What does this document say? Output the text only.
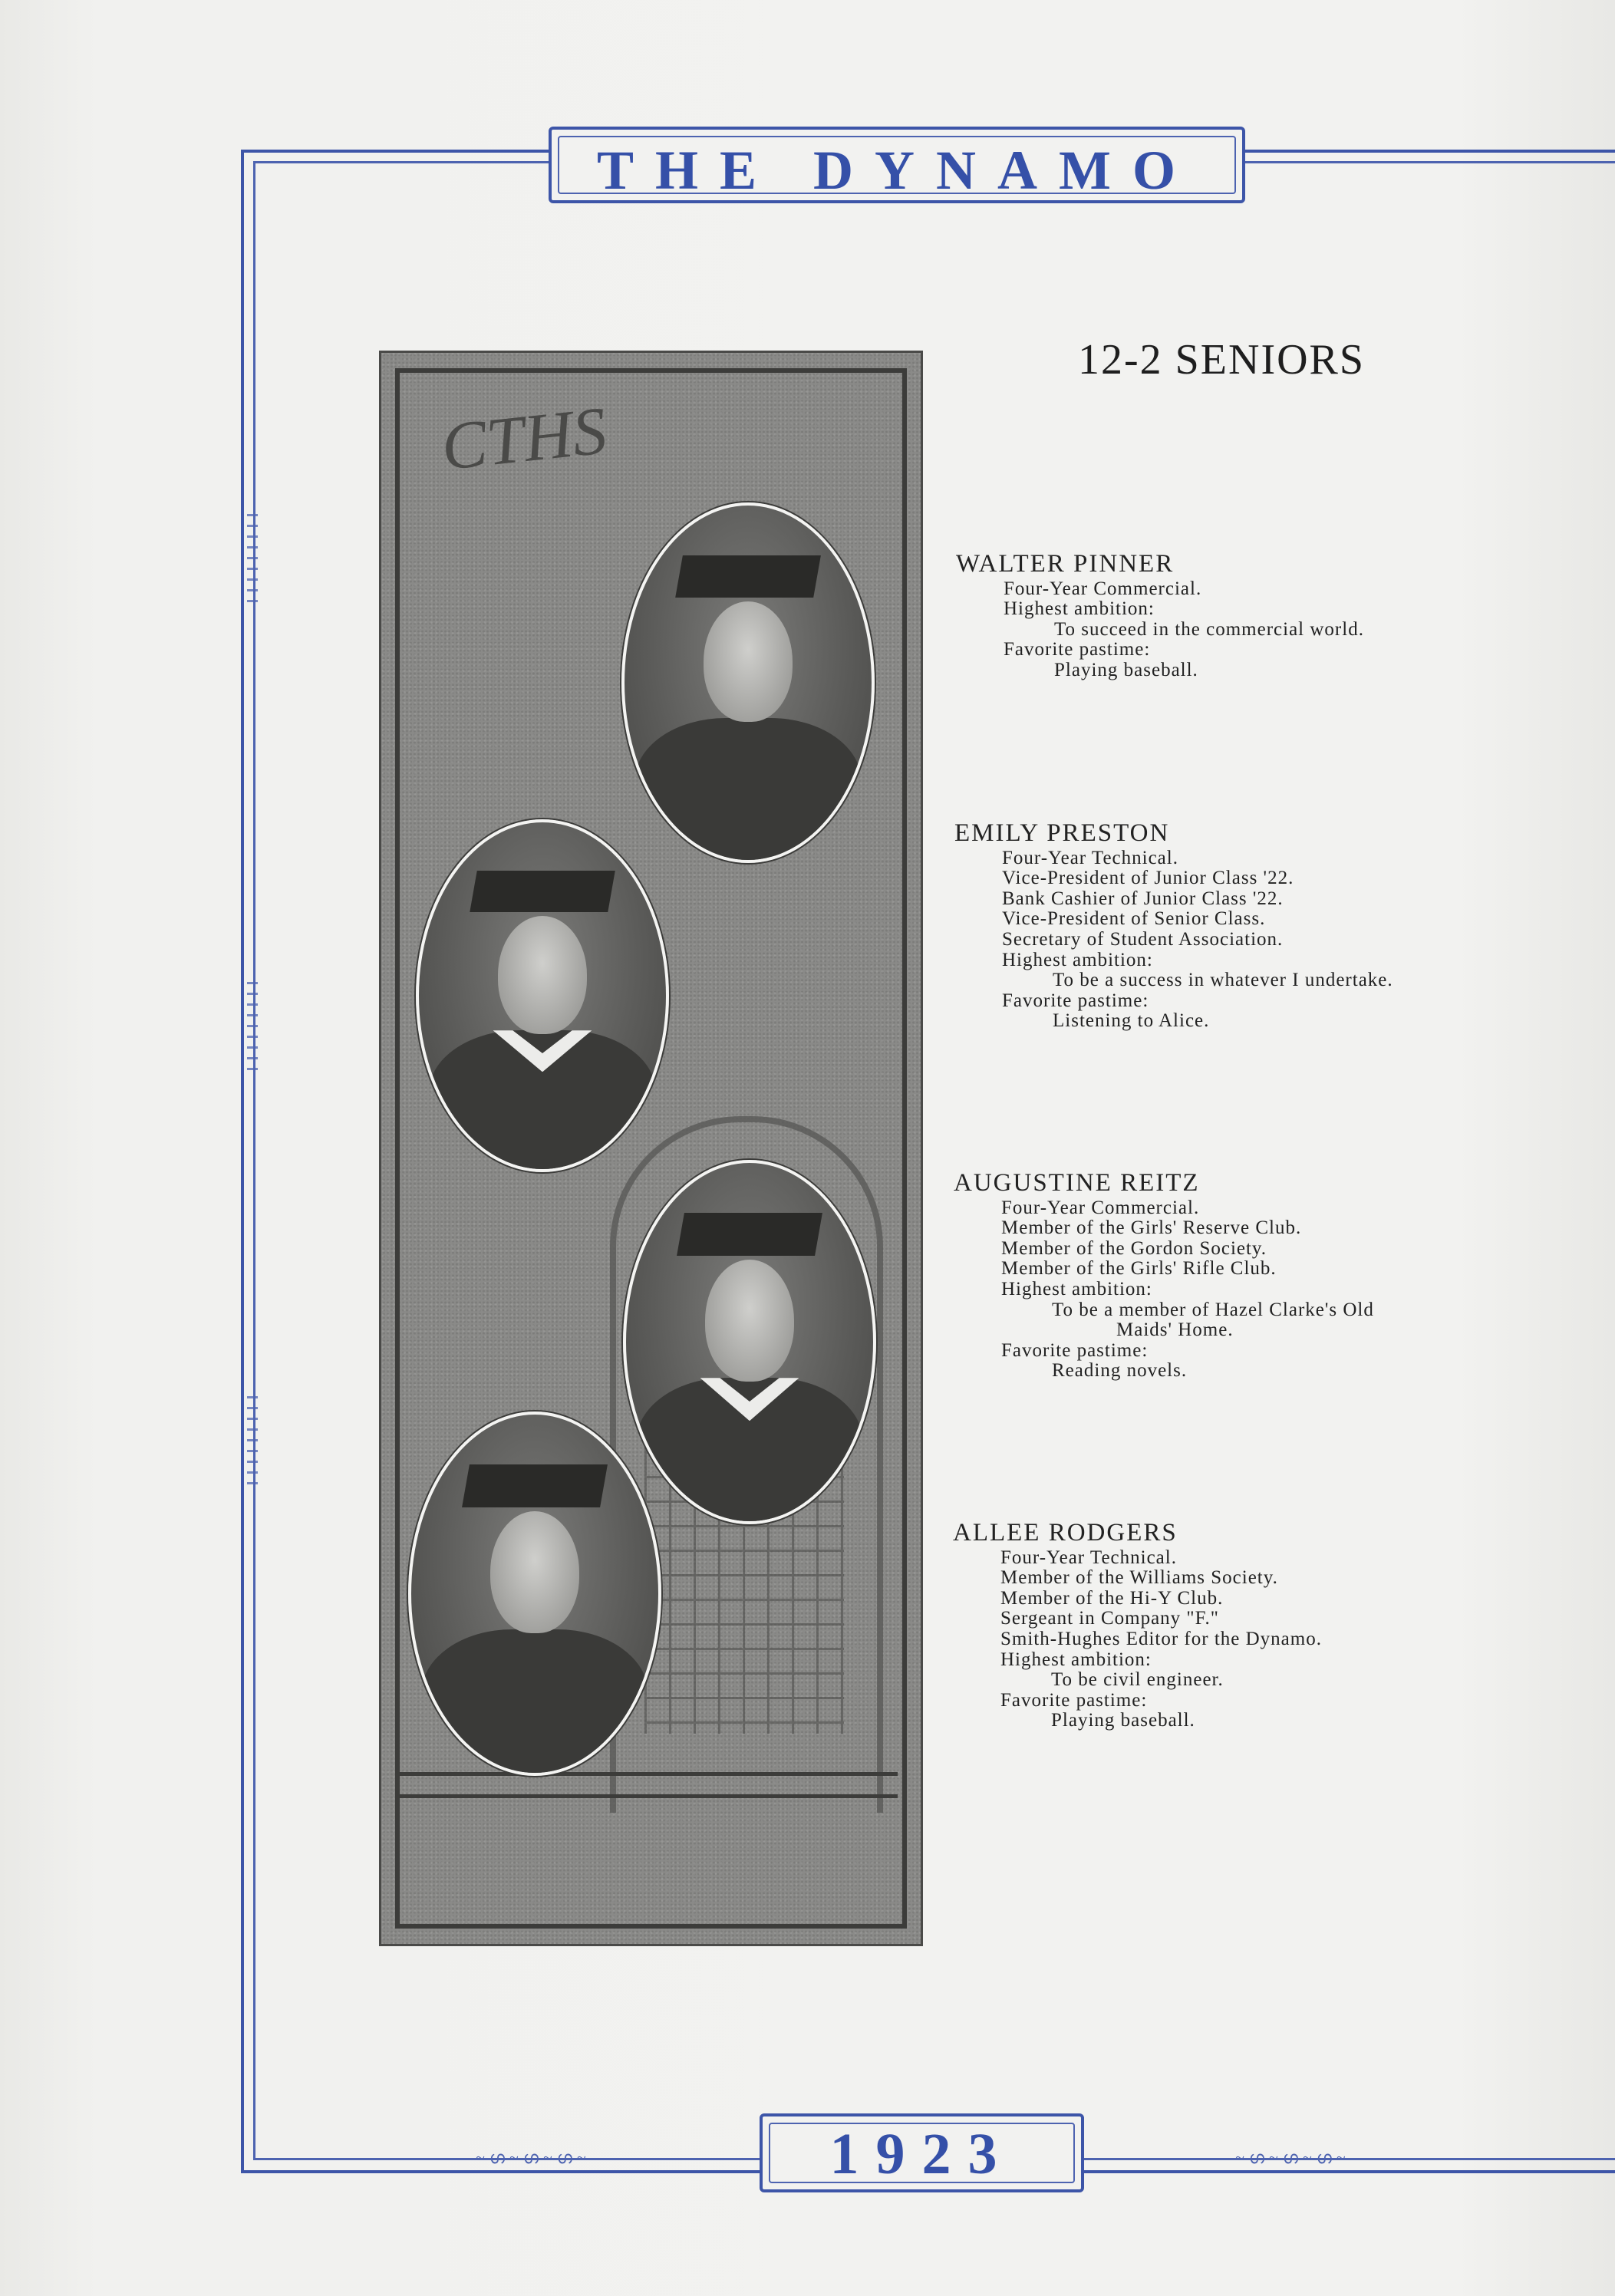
THE DYNAMO
~ഗ~ഗ~ഗ~	~ഗ~ഗ~ഗ~
1923
CTHS
12-2 SENIORS
WALTER PINNER
Four-Year Commercial.
Highest ambition:
To succeed in the commercial world.
Favorite pastime:
Playing baseball.
EMILY PRESTON
Four-Year Technical.
Vice-President of Junior Class '22.
Bank Cashier of Junior Class '22.
Vice-President of Senior Class.
Secretary of Student Association.
Highest ambition:
To be a success in whatever I undertake.
Favorite pastime:
Listening to Alice.
AUGUSTINE REITZ
Four-Year Commercial.
Member of the Girls' Reserve Club.
Member of the Gordon Society.
Member of the Girls' Rifle Club.
Highest ambition:
To be a member of Hazel Clarke's Old
Maids' Home.
Favorite pastime:
Reading novels.
ALLEE RODGERS
Four-Year Technical.
Member of the Williams Society.
Member of the Hi-Y Club.
Sergeant in Company "F."
Smith-Hughes Editor for the Dynamo.
Highest ambition:
To be civil engineer.
Favorite pastime:
Playing baseball.
